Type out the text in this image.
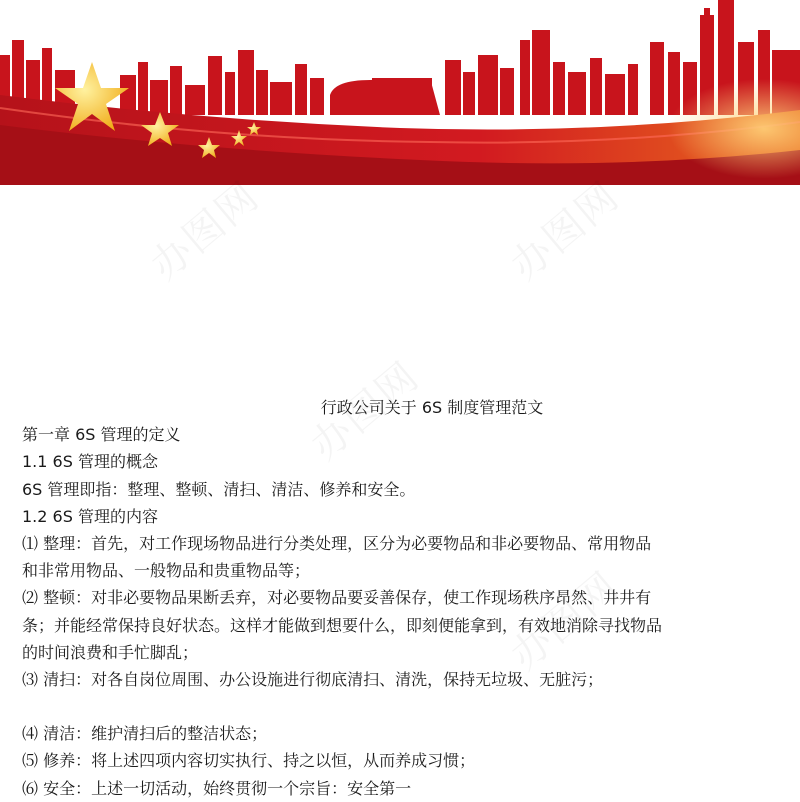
行政公司关于 6S 制度管理范文
第一章 6S 管理的定义
1.1 6S 管理的概念
6S 管理即指：整理、整顿、清扫、清洁、修养和安全。
1.2 6S 管理的内容
⑴ 整理：首先，对工作现场物品进行分类处理，区分为必要物品和非必要物品、常用物品
和非常用物品、一般物品和贵重物品等；
⑵ 整顿：对非必要物品果断丢弃，对必要物品要妥善保存，使工作现场秩序昂然、井井有
条；并能经常保持良好状态。这样才能做到想要什么，即刻便能拿到，有效地消除寻找物品
的时间浪费和手忙脚乱；
⑶ 清扫：对各自岗位周围、办公设施进行彻底清扫、清洗，保持无垃圾、无脏污；
⑷ 清洁：维护清扫后的整洁状态；
⑸ 修养：将上述四项内容切实执行、持之以恒，从而养成习惯；
⑹ 安全：上述一切活动，始终贯彻一个宗旨：安全第一
